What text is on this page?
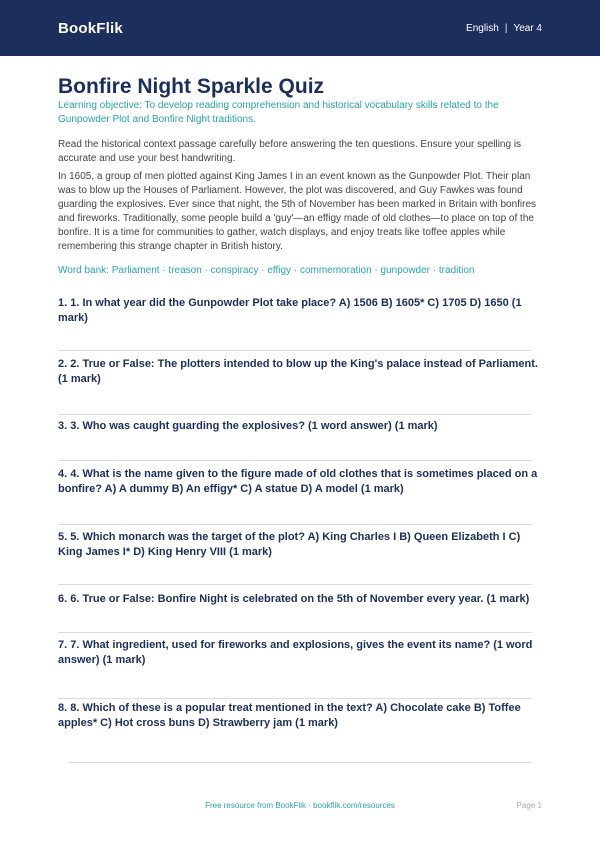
BookFlik	English | Year 4
Bonfire Night Sparkle Quiz
Learning objective: To develop reading comprehension and historical vocabulary skills related to the Gunpowder Plot and Bonfire Night traditions.
Read the historical context passage carefully before answering the ten questions. Ensure your spelling is accurate and use your best handwriting.
In 1605, a group of men plotted against King James I in an event known as the Gunpowder Plot. Their plan was to blow up the Houses of Parliament. However, the plot was discovered, and Guy Fawkes was found guarding the explosives. Ever since that night, the 5th of November has been marked in Britain with bonfires and fireworks. Traditionally, some people build a 'guy'—an effigy made of old clothes—to place on top of the bonfire. It is a time for communities to gather, watch displays, and enjoy treats like toffee apples while remembering this strange chapter in British history.
Word bank: Parliament · treason · conspiracy · effigy · commemoration · gunpowder · tradition
1. 1. In what year did the Gunpowder Plot take place? A) 1506 B) 1605* C) 1705 D) 1650 (1 mark)
2. 2. True or False: The plotters intended to blow up the King's palace instead of Parliament. (1 mark)
3. 3. Who was caught guarding the explosives? (1 word answer) (1 mark)
4. 4. What is the name given to the figure made of old clothes that is sometimes placed on a bonfire? A) A dummy B) An effigy* C) A statue D) A model (1 mark)
5. 5. Which monarch was the target of the plot? A) King Charles I B) Queen Elizabeth I C) King James I* D) King Henry VIII (1 mark)
6. 6. True or False: Bonfire Night is celebrated on the 5th of November every year. (1 mark)
7. 7. What ingredient, used for fireworks and explosions, gives the event its name? (1 word answer) (1 mark)
8. 8. Which of these is a popular treat mentioned in the text? A) Chocolate cake B) Toffee apples* C) Hot cross buns D) Strawberry jam (1 mark)
Free resource from BookFlik · bookflik.com/resources	Page 1
